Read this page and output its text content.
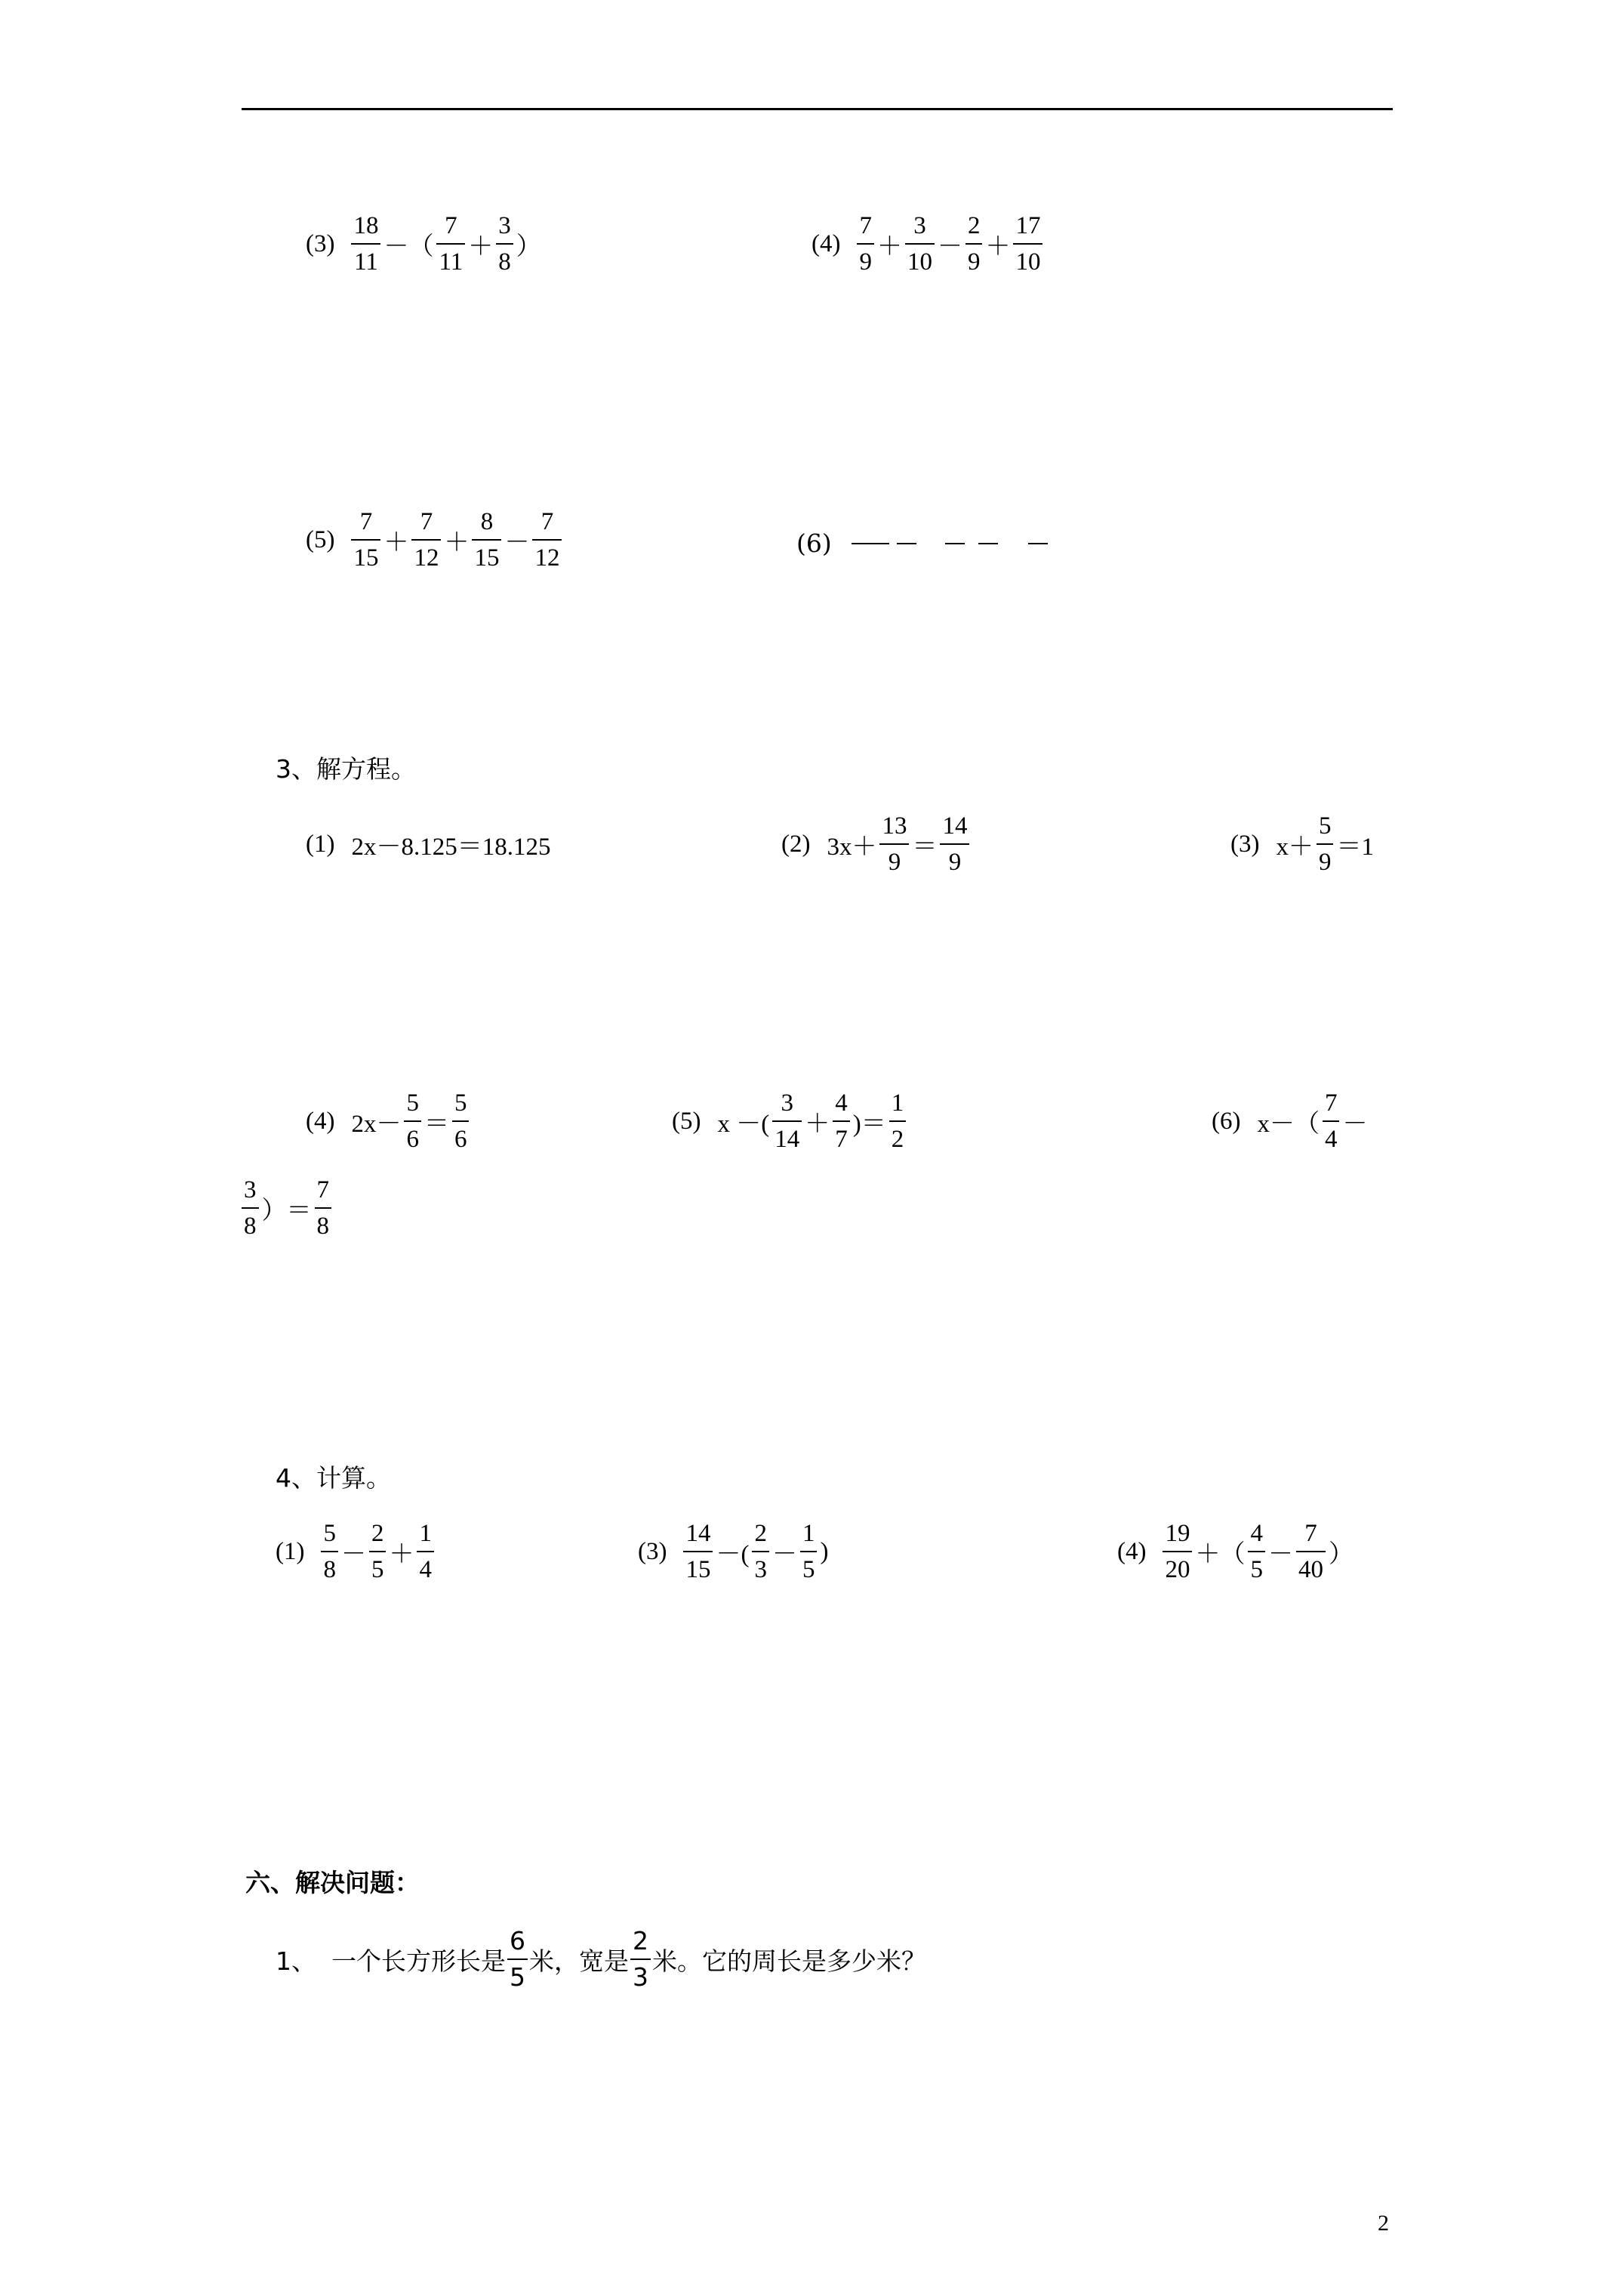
$(3) \frac{18}{11}$ －（ $\frac{7}{11} + \frac{3}{8}$ ）	$(4) \frac{7}{9} + \frac{3}{10} - \frac{2}{9} + \frac{17}{10}$
$(5) \frac{7}{15} + \frac{7}{12} + \frac{8}{15} - \frac{7}{12}$	(6)
3、解方程。
(1) 2x－8.125＝18.125	(2) $3x+ \frac{13}{9} = \frac{14}{9}$	(3) $x+ \frac{5}{9} =1$
(4) $2x- \frac{5}{6} = \frac{5}{6}$	(5) x －( $\frac{3}{14} + \frac{4}{7}$ )＝ $\frac{1}{2}$	(6) $x-( \frac{7}{4}$ －
$\frac{3}{8}$ ）＝ $\frac{7}{8}$
4、计算。
$(1) \frac{5}{8} - \frac{2}{5} + \frac{1}{4}$	$(3) \frac{14}{15}$ －( $\frac{2}{3} - \frac{1}{5}$ )	$(4) \frac{19}{20}$ ＋（ $\frac{4}{5} - \frac{7}{40}$ ）
六、解决问题：
1、 一个长方形长是 $\frac{6}{5}$ 米，宽是 $\frac{2}{3}$ 米。它的周长是多少米？
2
